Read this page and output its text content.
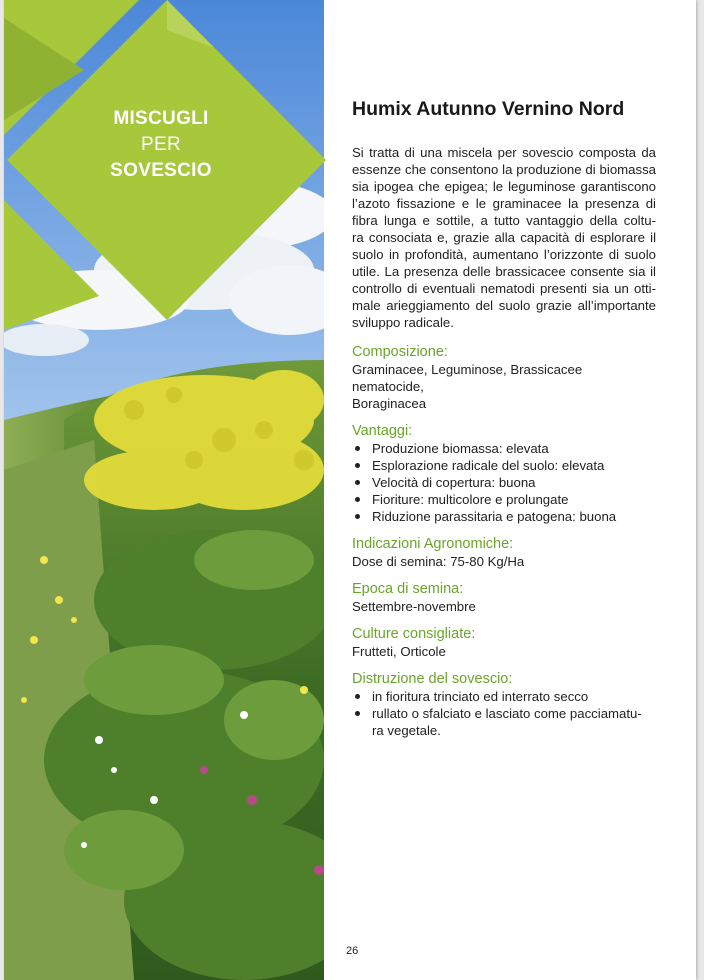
MISCUGLI
PER
SOVESCIO
Humix Autunno Vernino Nord
Si tratta di una miscela per sovescio composta da
essenze che consentono la produzione di biomassa
sia ipogea che epigea; le leguminose garantiscono
l’azoto fissazione e le graminacee la presenza di
fibra lunga e sottile, a tutto vantaggio della coltu-
ra consociata e, grazie alla capacità di esplorare il
suolo in profondità, aumentano l’orizzonte di suolo
utile. La presenza delle brassicacee consente sia il
controllo di eventuali nematodi presenti sia un otti-
male arieggiamento del suolo grazie all’importante
sviluppo radicale.
Composizione:
Graminacee, Leguminose, Brassicacee nematocide,
Boraginacea
Vantaggi:
Produzione biomassa: elevata
Esplorazione radicale del suolo: elevata
Velocità di copertura: buona
Fioriture: multicolore e prolungate
Riduzione parassitaria e patogena: buona
Indicazioni Agronomiche:
Dose di semina: 75-80 Kg/Ha
Epoca di semina:
Settembre-novembre
Culture consigliate:
Frutteti, Orticole
Distruzione del sovescio:
in fioritura trinciato ed interrato secco
rullato o sfalciato e lasciato come pacciamatu-
ra vegetale.
26
